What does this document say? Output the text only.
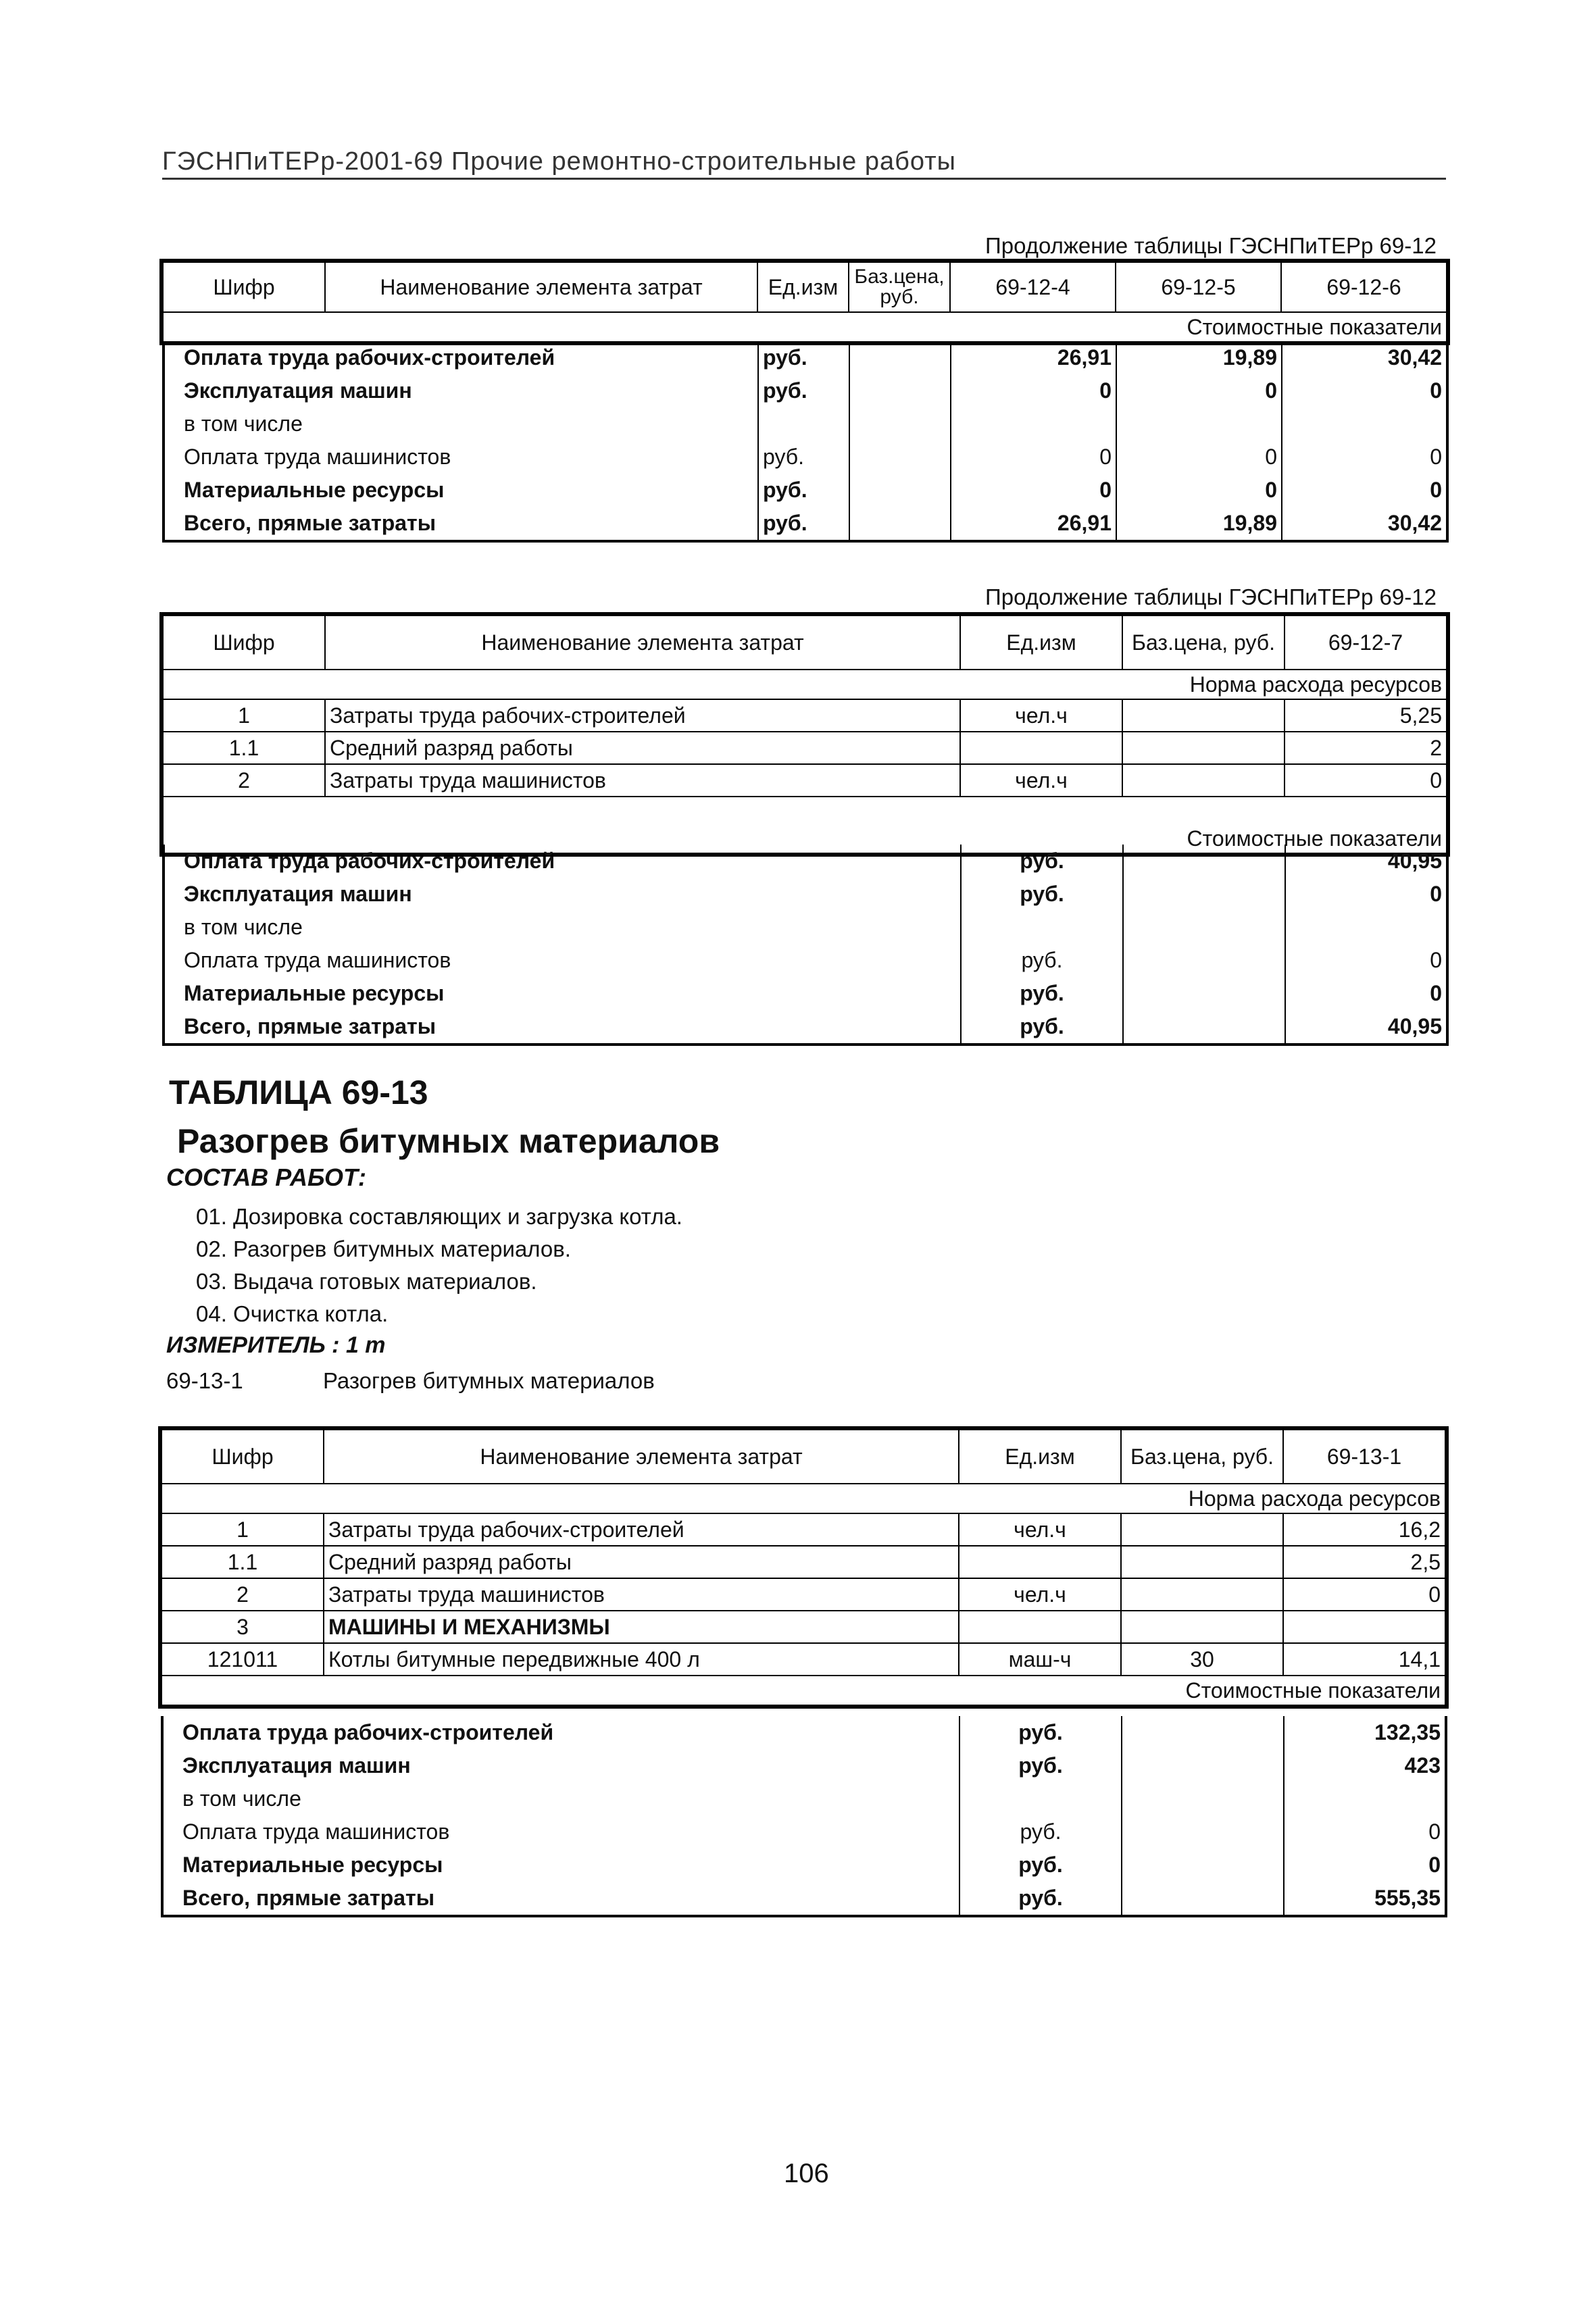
ГЭСНПиТЕРр-2001-69 Прочие ремонтно-строительные работы
Продолжение таблицы ГЭСНПиТЕРр 69-12
Шифр	Наименование элемента затрат	Ед.изм	Баз.цена, руб.	69-12-4	69-12-5	69-12-6
Стоимостные показатели
Оплата труда рабочих-строителей	руб.		26,91	19,89	30,42
Эксплуатация машин	руб.		0	0	0
в том числе					
Оплата труда машинистов	руб.		0	0	0
Материальные ресурсы	руб.		0	0	0
Всего, прямые затраты	руб.		26,91	19,89	30,42
Продолжение таблицы ГЭСНПиТЕРр 69-12
Шифр	Наименование элемента затрат	Ед.изм	Баз.цена, руб.	69-12-7
Норма расхода ресурсов				
1	Затраты труда рабочих-строителей	чел.ч		5,25
1.1	Средний разряд работы			2
2	Затраты труда машинистов	чел.ч		0

Стоимостные показатели				
Оплата труда рабочих-строителей	руб.		40,95
Эксплуатация машин	руб.		0
в том числе			
Оплата труда машинистов	руб.		0
Материальные ресурсы	руб.		0
Всего, прямые затраты	руб.		40,95
ТАБЛИЦА 69-13
Разогрев битумных материалов
СОСТАВ РАБОТ:
01. Дозировка составляющих и загрузка котла.
02. Разогрев битумных материалов.
03. Выдача готовых материалов.
04. Очистка котла.
ИЗМЕРИТЕЛЬ : 1 т
69-13-1	Разогрев битумных материалов
Шифр	Наименование элемента затрат	Ед.изм	Баз.цена, руб.	69-13-1
Норма расхода ресурсов				
1	Затраты труда рабочих-строителей	чел.ч		16,2
1.1	Средний разряд работы			2,5
2	Затраты труда машинистов	чел.ч		0
3	МАШИНЫ И МЕХАНИЗМЫ			
121011	Котлы битумные передвижные 400 л	маш-ч	30	14,1
Стоимостные показатели				
Оплата труда рабочих-строителей	руб.		132,35
Эксплуатация машин	руб.		423
в том числе			
Оплата труда машинистов	руб.		0
Материальные ресурсы	руб.		0
Всего, прямые затраты	руб.		555,35
106
